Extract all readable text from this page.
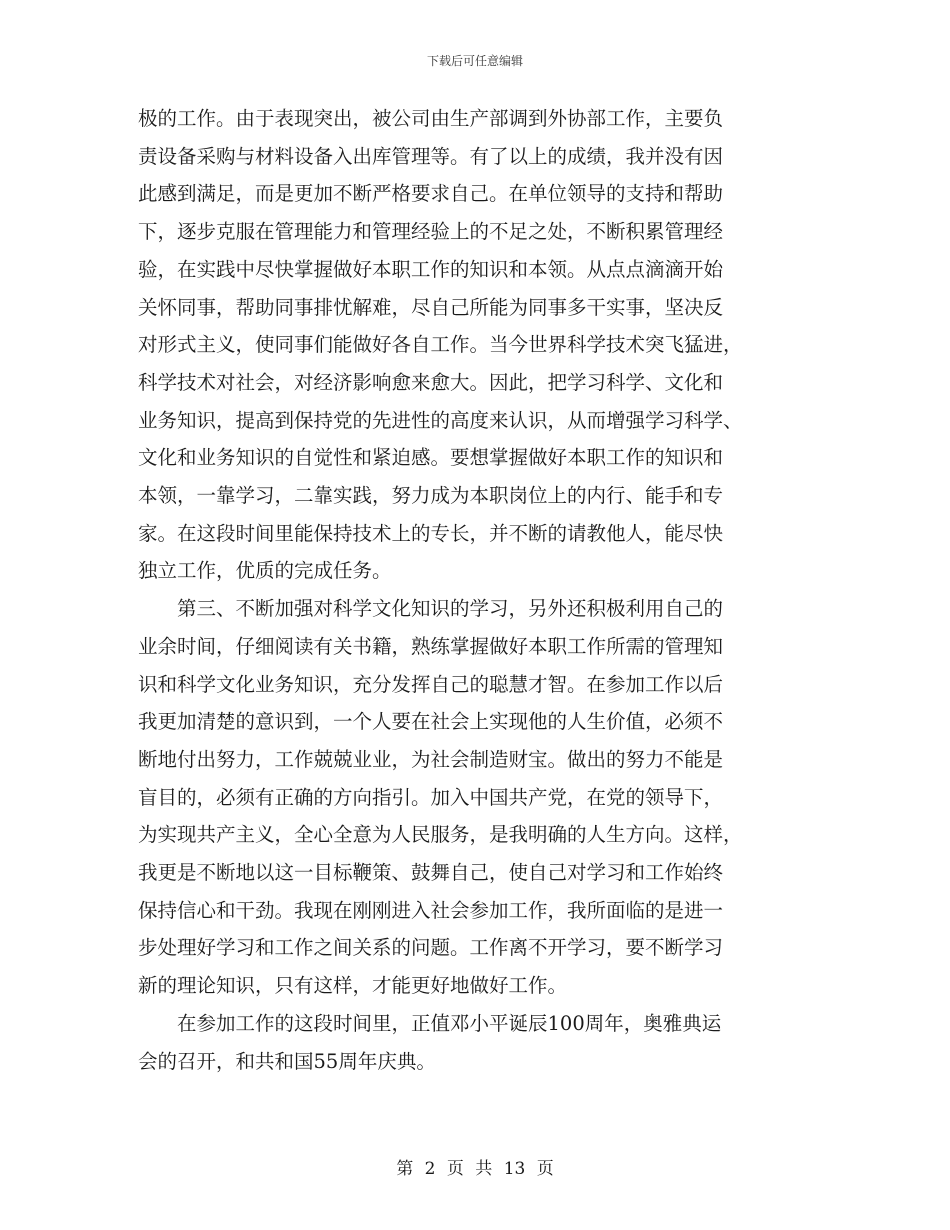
下载后可任意编辑

极的工作。由于表现突出，被公司由生产部调到外协部工作，主要负
责设备采购与材料设备入出库管理等。有了以上的成绩，我并没有因
此感到满足，而是更加不断严格要求自己。在单位领导的支持和帮助
下，逐步克服在管理能力和管理经验上的不足之处，不断积累管理经
验，在实践中尽快掌握做好本职工作的知识和本领。从点点滴滴开始
关怀同事，帮助同事排忧解难，尽自己所能为同事多干实事，坚决反
对形式主义，使同事们能做好各自工作。当今世界科学技术突飞猛进，
科学技术对社会，对经济影响愈来愈大。因此，把学习科学、文化和
业务知识，提高到保持党的先进性的高度来认识，从而增强学习科学、
文化和业务知识的自觉性和紧迫感。要想掌握做好本职工作的知识和
本领，一靠学习，二靠实践，努力成为本职岗位上的内行、能手和专
家。在这段时间里能保持技术上的专长，并不断的请教他人，能尽快
独立工作，优质的完成任务。

　　第三、不断加强对科学文化知识的学习，另外还积极利用自己的
业余时间，仔细阅读有关书籍，熟练掌握做好本职工作所需的管理知
识和科学文化业务知识，充分发挥自己的聪慧才智。在参加工作以后
我更加清楚的意识到，一个人要在社会上实现他的人生价值，必须不
断地付出努力，工作兢兢业业，为社会制造财宝。做出的努力不能是
盲目的，必须有正确的方向指引。加入中国共产党，在党的领导下，
为实现共产主义，全心全意为人民服务，是我明确的人生方向。这样，
我更是不断地以这一目标鞭策、鼓舞自己，使自己对学习和工作始终
保持信心和干劲。我现在刚刚进入社会参加工作，我所面临的是进一
步处理好学习和工作之间关系的问题。工作离不开学习，要不断学习
新的理论知识，只有这样，才能更好地做好工作。

　　在参加工作的这段时间里，正值邓小平诞辰100周年，奥雅典运
会的召开，和共和国55周年庆典。

第 2 页 共 13 页
